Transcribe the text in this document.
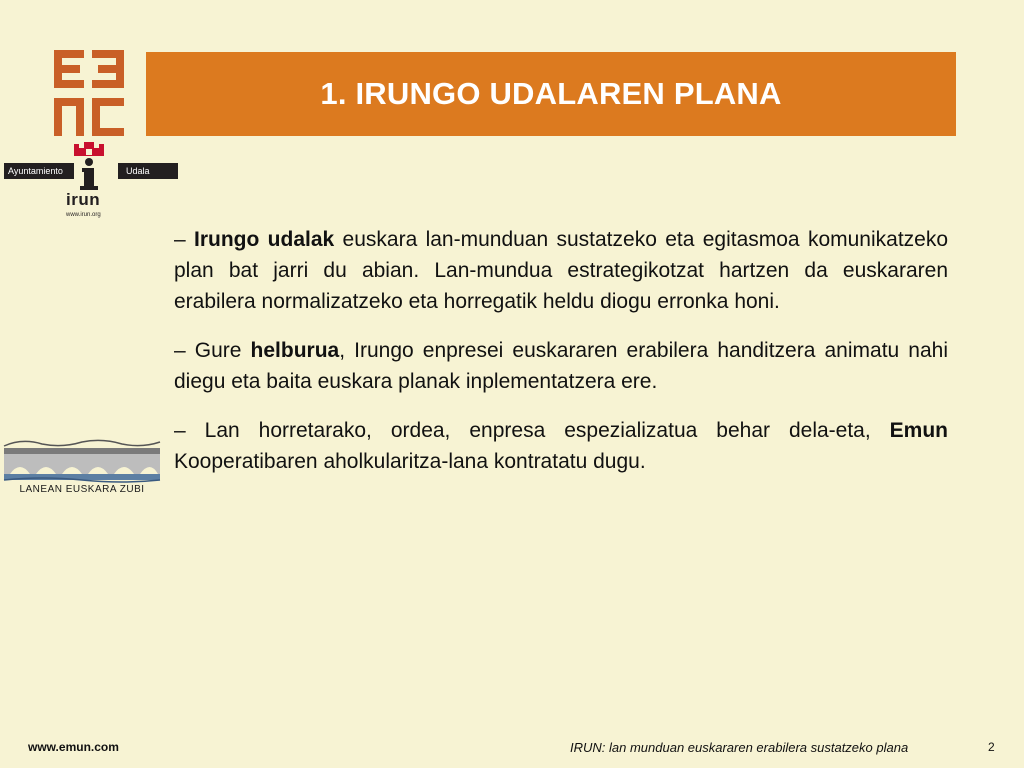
Ayuntamiento	Udala
irun
www.irun.org
LANEAN EUSKARA ZUBI
1. IRUNGO UDALAREN PLANA

– Irungo udalak euskara lan-munduan sustatzeko eta egitasmoa komunikatzeko plan bat jarri du abian. Lan-mundua estrategikotzat hartzen da euskararen erabilera normalizatzeko eta horregatik heldu diogu erronka honi.

– Gure helburua, Irungo enpresei euskararen erabilera handitzera animatu nahi diegu eta baita euskara planak inplementatzera ere.

– Lan horretarako, ordea, enpresa espezializatua behar dela-eta, Emun Kooperatibaren aholkularitza-lana kontratatu dugu.

www.emun.com	IRUN: lan munduan euskararen erabilera sustatzeko plana	2
